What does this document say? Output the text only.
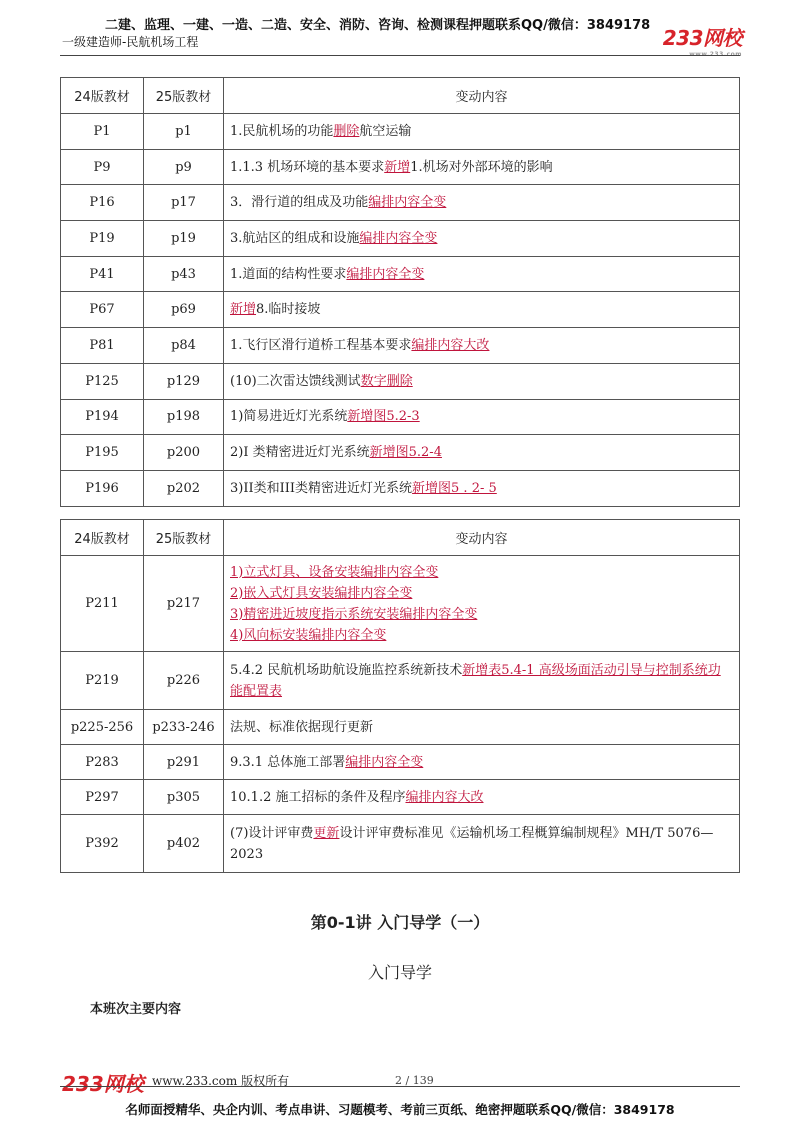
二建、监理、一建、一造、二造、安全、消防、咨询、检测课程押题联系QQ/微信：3849178
一级建造师-民航机场工程	233网校
www.233.com
24版教材	25版教材	变动内容
P1	p1	1.民航机场的功能删除航空运输
P9	p9	1.1.3 机场环境的基本要求新增1.机场对外部环境的影响
P16	p17	3．滑行道的组成及功能编排内容全变
P19	p19	3.航站区的组成和设施编排内容全变
P41	p43	1.道面的结构性要求编排内容全变
P67	p69	新增8.临时接坡
P81	p84	1.飞行区滑行道桥工程基本要求编排内容大改
P125	p129	(10)二次雷达馈线测试数字删除
P194	p198	1)简易进近灯光系统新增图5.2-3
P195	p200	2)I 类精密进近灯光系统新增图5.2-4
P196	p202	3)II类和III类精密进近灯光系统新增图5 . 2- 5
24版教材	25版教材	变动内容
P211	p217	1)立式灯具、设备安装编排内容全变
2)嵌入式灯具安装编排内容全变
3)精密进近坡度指示系统安装编排内容全变
4)风向标安装编排内容全变

P219	p226	5.4.2 民航机场助航设施监控系统新技术新增表5.4-1 高级场面活动引导与控制系统功能配置表
p225-256	p233-246	法规、标准依据现行更新
P283	p291	9.3.1 总体施工部署编排内容全变
P297	p305	10.1.2 施工招标的条件及程序编排内容大改
P392	p402	(7)设计评审费更新设计评审费标准见《运输机场工程概算编制规程》MH/T 5076—2023
第0-1讲 入门导学（一）
入门导学
本班次主要内容
233网校 www.233.com 版权所有	2 / 139
名师面授精华、央企内训、考点串讲、习题模考、考前三页纸、绝密押题联系QQ/微信：3849178
